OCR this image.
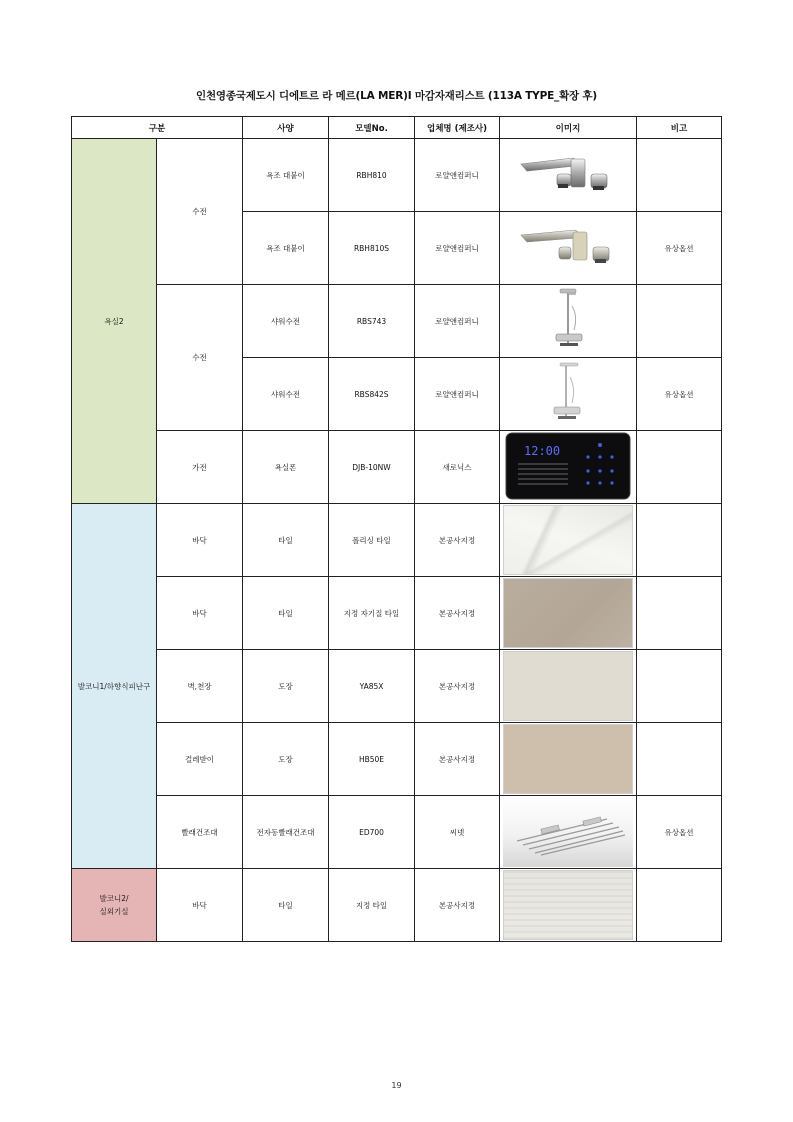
인천영종국제도시 디에트르 라 메르(LA MER)Ⅰ 마감자재리스트 (113A TYPE_확장 후)
구분		사양	모델No.	업체명 (제조사)	이미지	비고
욕실2	수전	욕조 대붙이	RBH810	로얄앤컴퍼니		
		욕조 대붙이	RBH810S	로얄앤컴퍼니		유상옵션
	수전	샤워수전	RBS743	로얄앤컴퍼니		
		샤워수전	RBS842S	로얄앤컴퍼니		유상옵션
	가전	욕실폰	DJB-10NW	새로닉스	12:00	

발코니1/하향식피난구	바닥	타일	폴리싱 타일	본공사지정	

	바닥	타일	지정 자기질 타일	본공사지정	

	벽,천장	도장	YA85X	본공사지정	

	걸레받이	도장	HB50E	본공사지정	

	빨래건조대	전자동빨래건조대	ED700	씨넷		유상옵션
발코니2/
실외기실	바닥	타일	지정 타일	본공사지정	

19
